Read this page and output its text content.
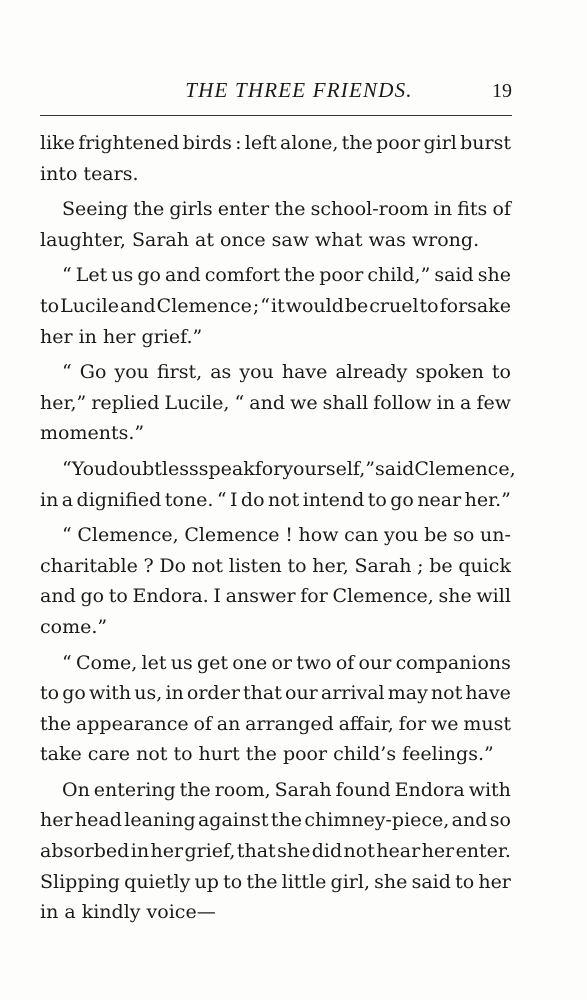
THE THREE FRIENDS.	19
like frightened birds : left alone, the poor girl burst
into tears.
Seeing the girls enter the school-room in fits of
laughter, Sarah at once saw what was wrong.
“ Let us go and comfort the poor child,” said she
to Lucile and Clemence ; “ it would be cruel to forsake
her in her grief.”
“ Go you first, as you have already spoken to
her,” replied Lucile, “ and we shall follow in a few
moments.”
“ You doubtless speak for yourself,” said Clemence,
in a dignified tone. “ I do not intend to go near her.”
“ Clemence, Clemence ! how can you be so un-
charitable ? Do not listen to her, Sarah ; be quick
and go to Endora. I answer for Clemence, she will
come.”
“ Come, let us get one or two of our companions
to go with us, in order that our arrival may not have
the appearance of an arranged affair, for we must
take care not to hurt the poor child’s feelings.”
On entering the room, Sarah found Endora with
her head leaning against the chimney-piece, and so
absorbed in her grief, that she did not hear her enter.
Slipping quietly up to the little girl, she said to her
in a kindly voice—
